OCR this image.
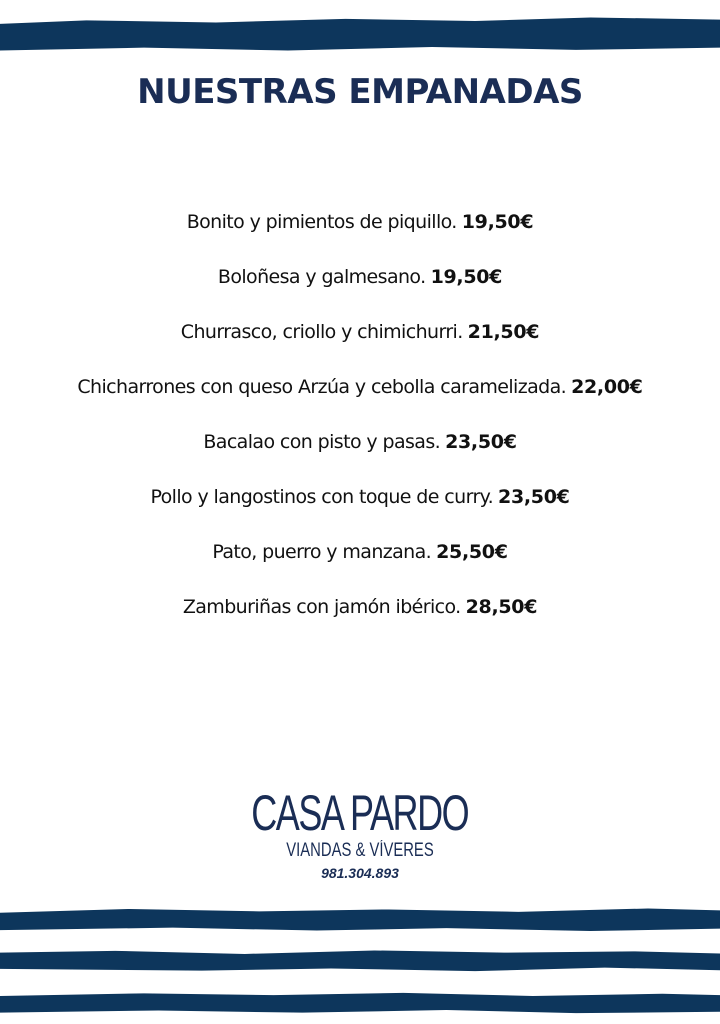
NUESTRAS EMPANADAS
Bonito y pimientos de piquillo. 19,50€
Boloñesa y galmesano. 19,50€
Churrasco, criollo y chimichurri. 21,50€
Chicharrones con queso Arzúa y cebolla caramelizada. 22,00€
Bacalao con pisto y pasas. 23,50€
Pollo y langostinos con toque de curry. 23,50€
Pato, puerro y manzana. 25,50€
Zamburiñas con jamón ibérico. 28,50€
CASA PARDO
VIANDAS & VÍVERES
981.304.893
